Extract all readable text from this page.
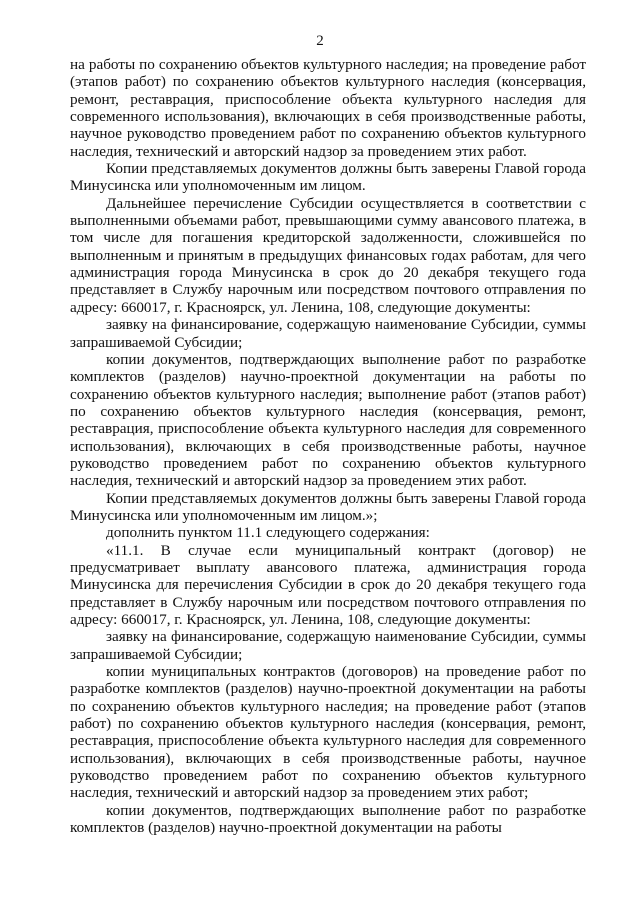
2

на работы по сохранению объектов культурного наследия; на проведение работ (этапов работ) по сохранению объектов культурного наследия (консервация, ремонт, реставрация, приспособление объекта культурного наследия для современного использования), включающих в себя производственные работы, научное руководство проведением работ по сохранению объектов культурного наследия, технический и авторский надзор за проведением этих работ.

Копии представляемых документов должны быть заверены Главой города Минусинска или уполномоченным им лицом.

Дальнейшее перечисление Субсидии осуществляется в соответствии с выполненными объемами работ, превышающими сумму авансового платежа, в том числе для погашения кредиторской задолженности, сложившейся по выполненным и принятым в предыдущих финансовых годах работам, для чего администрация города Минусинска в срок до 20 декабря текущего года представляет в Службу нарочным или посредством почтового отправления по адресу: 660017, г. Красноярск, ул. Ленина, 108, следующие документы:

заявку на финансирование, содержащую наименование Субсидии, суммы запрашиваемой Субсидии;

копии документов, подтверждающих выполнение работ по разработке комплектов (разделов) научно-проектной документации на работы по сохранению объектов культурного наследия; выполнение работ (этапов работ) по сохранению объектов культурного наследия (консервация, ремонт, реставрация, приспособление объекта культурного наследия для современного использования), включающих в себя производственные работы, научное руководство проведением работ по сохранению объектов культурного наследия, технический и авторский надзор за проведением этих работ.

Копии представляемых документов должны быть заверены Главой города Минусинска или уполномоченным им лицом.»;

дополнить пунктом 11.1 следующего содержания:

«11.1. В случае если муниципальный контракт (договор) не предусматривает выплату авансового платежа, администрация города Минусинска для перечисления Субсидии в срок до 20 декабря текущего года представляет в Службу нарочным или посредством почтового отправления по адресу: 660017, г. Красноярск, ул. Ленина, 108, следующие документы:

заявку на финансирование, содержащую наименование Субсидии, суммы запрашиваемой Субсидии;

копии муниципальных контрактов (договоров) на проведение работ по разработке комплектов (разделов) научно-проектной документации на работы по сохранению объектов культурного наследия; на проведение работ (этапов работ) по сохранению объектов культурного наследия (консервация, ремонт, реставрация, приспособление объекта культурного наследия для современного использования), включающих в себя производственные работы, научное руководство проведением работ по сохранению объектов культурного наследия, технический и авторский надзор за проведением этих работ;

копии документов, подтверждающих выполнение работ по разработке комплектов (разделов) научно-проектной документации на работы
